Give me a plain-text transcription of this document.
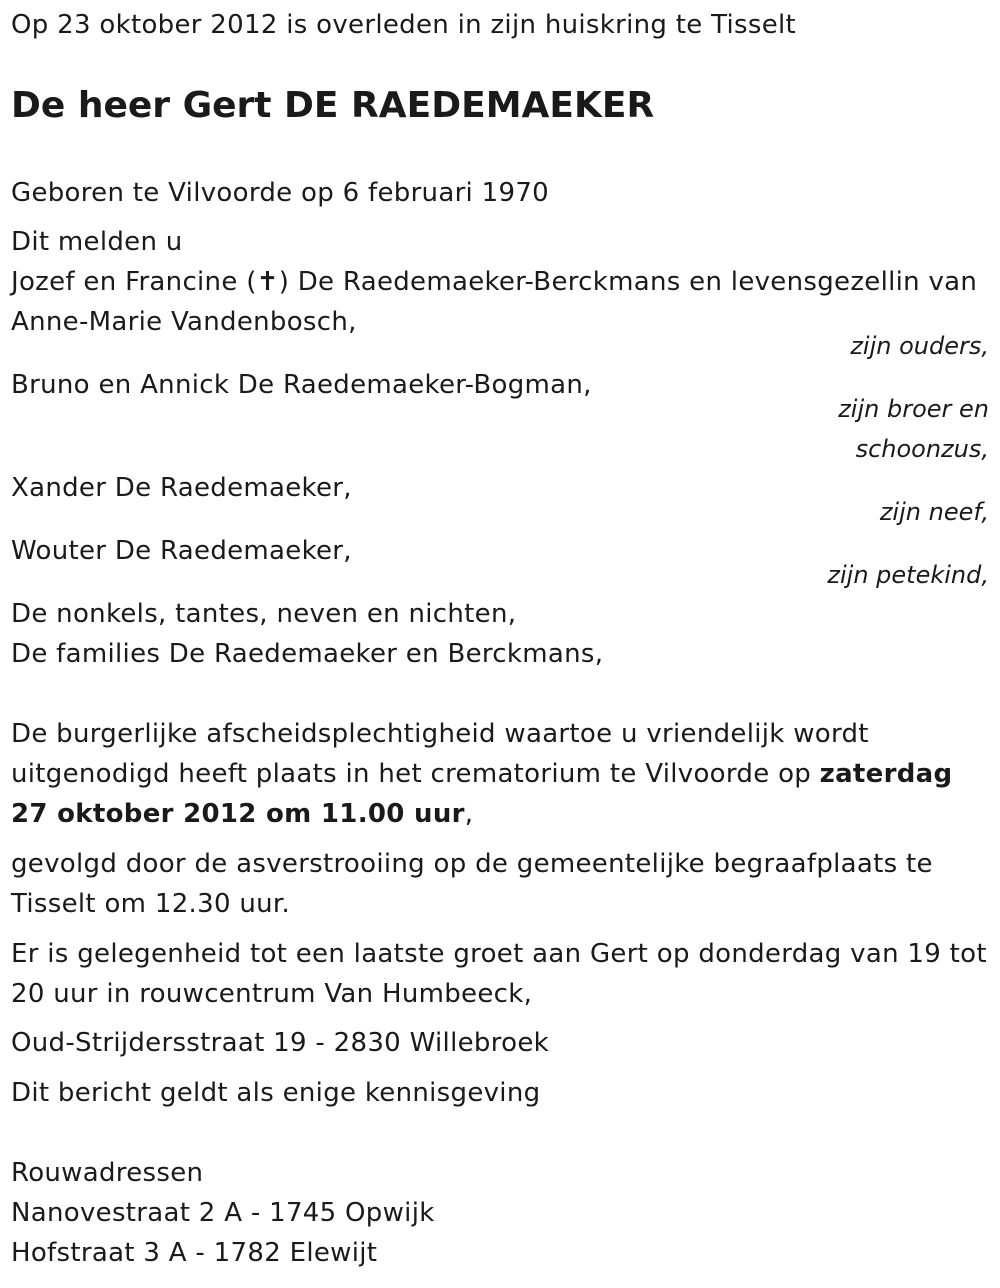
Op 23 oktober 2012 is overleden in zijn huiskring te Tisselt
De heer Gert DE RAEDEMAEKER
Geboren te Vilvoorde op 6 februari 1970
Dit melden u
Jozef en Francine (✝) De Raedemaeker-Berckmans en levensgezellin van
Anne-Marie Vandenbosch,
zijn ouders,
Bruno en Annick De Raedemaeker-Bogman,
zijn broer en
schoonzus,
Xander De Raedemaeker,
zijn neef,
Wouter De Raedemaeker,
zijn petekind,
De nonkels, tantes, neven en nichten,
De families De Raedemaeker en Berckmans,
De burgerlijke afscheidsplechtigheid waartoe u vriendelijk wordt
uitgenodigd heeft plaats in het crematorium te Vilvoorde op zaterdag
27 oktober 2012 om 11.00 uur,
gevolgd door de asverstrooiing op de gemeentelijke begraafplaats te
Tisselt om 12.30 uur.
Er is gelegenheid tot een laatste groet aan Gert op donderdag van 19 tot
20 uur in rouwcentrum Van Humbeeck,
Oud-Strijdersstraat 19 - 2830 Willebroek
Dit bericht geldt als enige kennisgeving
Rouwadressen
Nanovestraat 2 A - 1745 Opwijk
Hofstraat 3 A - 1782 Elewijt
